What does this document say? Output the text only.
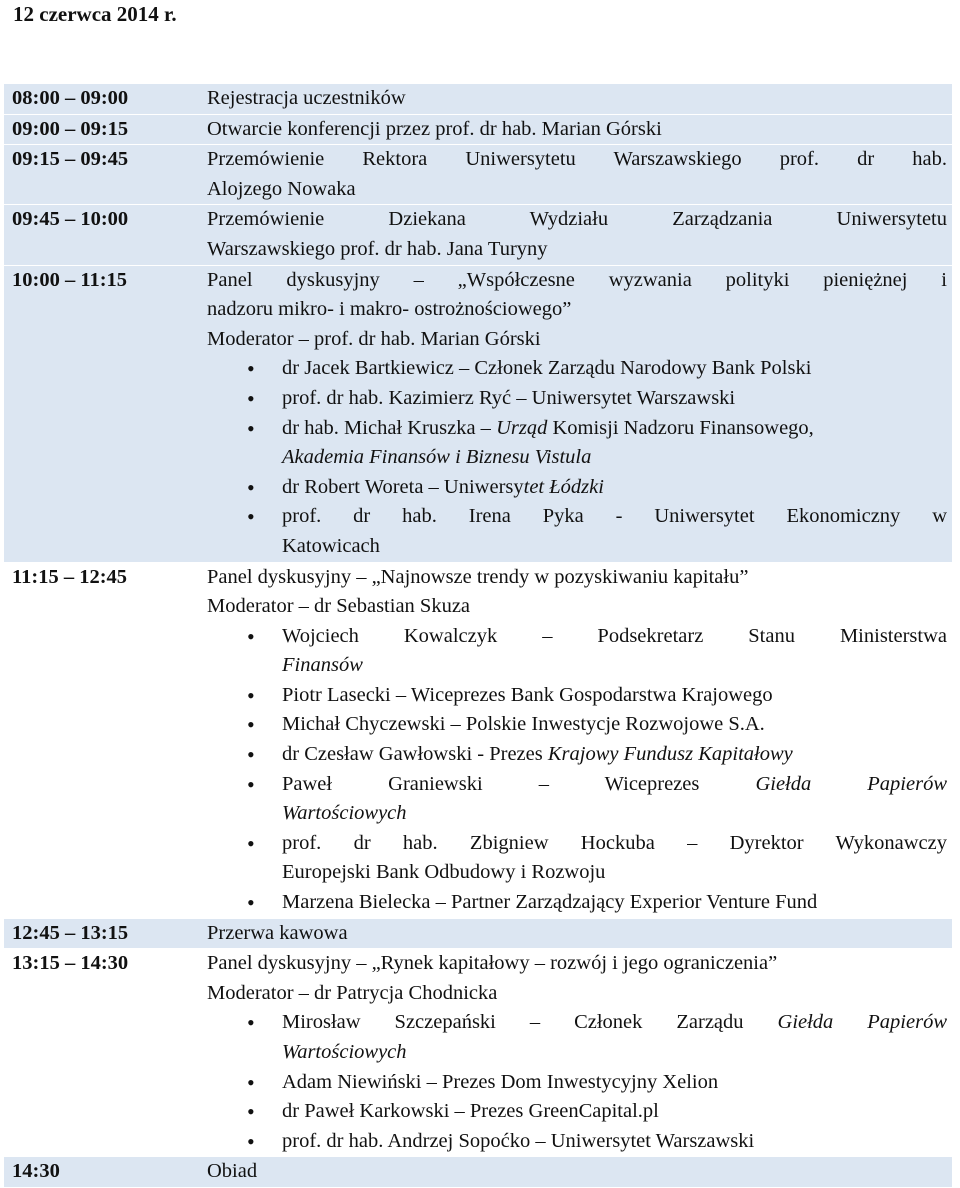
12 czerwca 2014 r.
08:00 – 09:00	Rejestracja uczestników
09:00 – 09:15	Otwarcie konferencji przez prof. dr hab. Marian Górski
09:15 – 09:45	Przemówienie Rektora Uniwersytetu Warszawskiego prof. dr hab.
Alojzego Nowaka
09:45 – 10:00	Przemówienie Dziekana Wydziału Zarządzania Uniwersytetu
Warszawskiego prof. dr hab. Jana Turyny
10:00 – 11:15	Panel dyskusyjny – „Współczesne wyzwania polityki pieniężnej i
nadzoru mikro- i makro- ostrożnościowego”
Moderator – prof. dr hab. Marian Górski
• dr Jacek Bartkiewicz – Członek Zarządu Narodowy Bank Polski
• prof. dr hab. Kazimierz Ryć – Uniwersytet Warszawski
• dr hab. Michał Kruszka – Urząd Komisji Nadzoru Finansowego,
Akademia Finansów i Biznesu Vistula
• dr Robert Woreta – Uniwersytet Łódzki
• prof. dr hab. Irena Pyka - Uniwersytet Ekonomiczny w
Katowicach
11:15 – 12:45	Panel dyskusyjny – „Najnowsze trendy w pozyskiwaniu kapitału”
Moderator – dr Sebastian Skuza
• Wojciech Kowalczyk – Podsekretarz Stanu Ministerstwa
Finansów
• Piotr Lasecki – Wiceprezes Bank Gospodarstwa Krajowego
• Michał Chyczewski – Polskie Inwestycje Rozwojowe S.A.
• dr Czesław Gawłowski - Prezes Krajowy Fundusz Kapitałowy
• Paweł Graniewski – Wiceprezes Giełda Papierów
Wartościowych
• prof. dr hab. Zbigniew Hockuba – Dyrektor Wykonawczy
Europejski Bank Odbudowy i Rozwoju
• Marzena Bielecka – Partner Zarządzający Experior Venture Fund
12:45 – 13:15	Przerwa kawowa
13:15 – 14:30	Panel dyskusyjny – „Rynek kapitałowy – rozwój i jego ograniczenia”
Moderator – dr Patrycja Chodnicka
• Mirosław Szczepański – Członek Zarządu Giełda Papierów
Wartościowych
• Adam Niewiński – Prezes Dom Inwestycyjny Xelion
• dr Paweł Karkowski – Prezes GreenCapital.pl
• prof. dr hab. Andrzej Sopoćko – Uniwersytet Warszawski
14:30	Obiad
